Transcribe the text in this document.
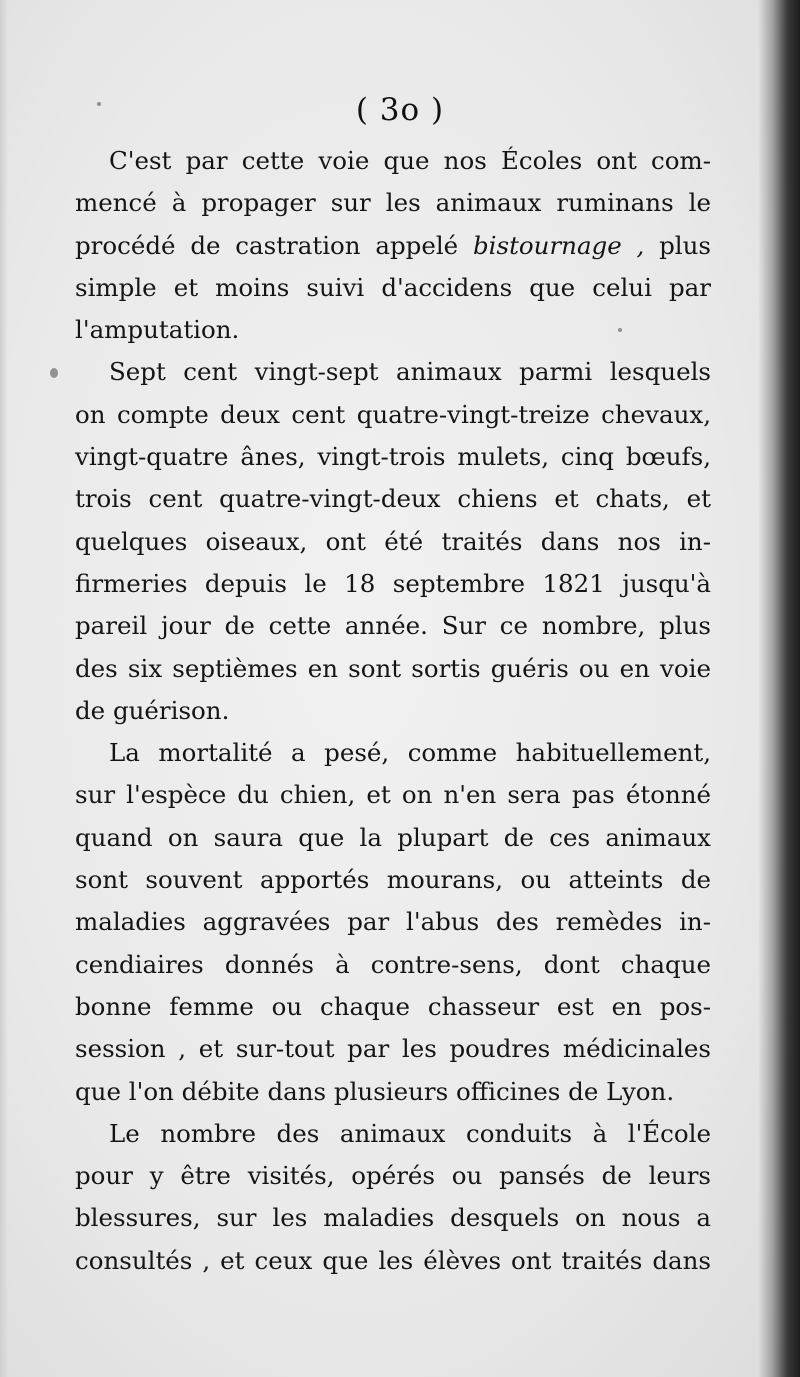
( 3o )

C'est par cette voie que nos Écoles ont com-
mencé à propager sur les animaux ruminans le
procédé de castration appelé bistournage , plus
simple et moins suivi d'accidens que celui par
l'amputation.

Sept cent vingt-sept animaux parmi lesquels
on compte deux cent quatre-vingt-treize chevaux,
vingt-quatre ânes, vingt-trois mulets, cinq bœufs,
trois cent quatre-vingt-deux chiens et chats, et
quelques oiseaux, ont été traités dans nos in-
firmeries depuis le 18 septembre 1821 jusqu'à
pareil jour de cette année. Sur ce nombre, plus
des six septièmes en sont sortis guéris ou en voie
de guérison.

La mortalité a pesé, comme habituellement,
sur l'espèce du chien, et on n'en sera pas étonné
quand on saura que la plupart de ces animaux
sont souvent apportés mourans, ou atteints de
maladies aggravées par l'abus des remèdes in-
cendiaires donnés à contre-sens, dont chaque
bonne femme ou chaque chasseur est en pos-
session , et sur-tout par les poudres médicinales
que l'on débite dans plusieurs officines de Lyon.

Le nombre des animaux conduits à l'École
pour y être visités, opérés ou pansés de leurs
blessures, sur les maladies desquels on nous a
consultés , et ceux que les élèves ont traités dans
